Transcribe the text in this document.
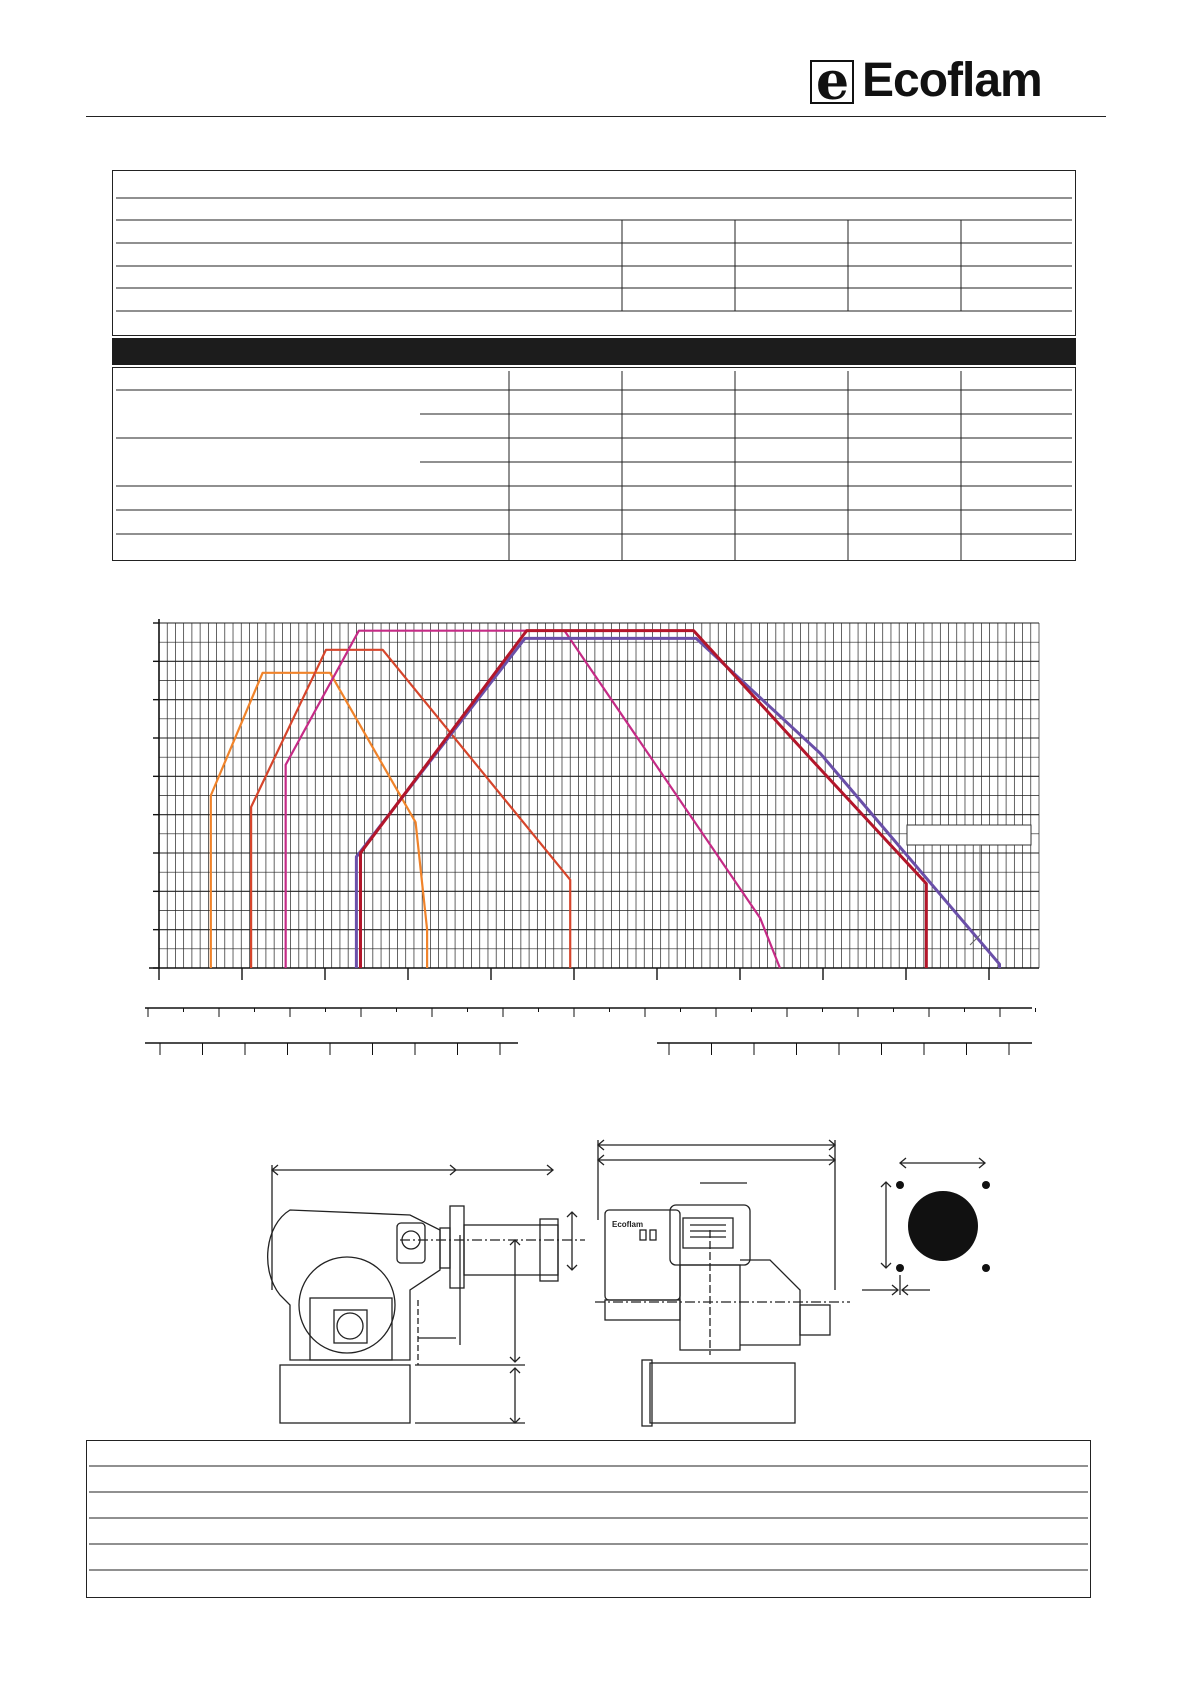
e Ecoflam
Ecoflam
